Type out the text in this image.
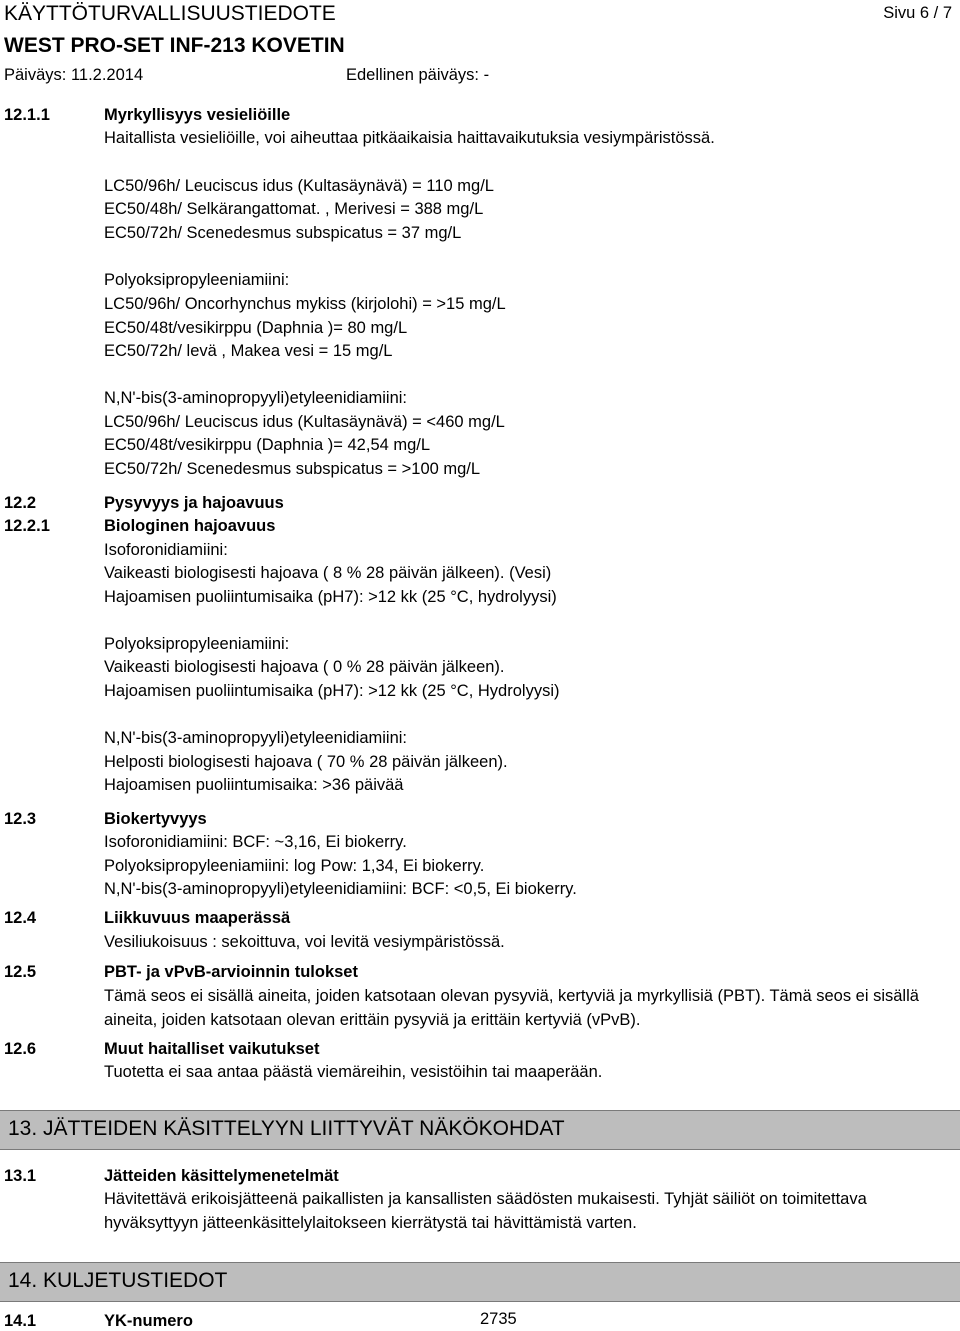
KÄYTTÖTURVALLISUUSTIEDOTE	Sivu 6 / 7
WEST PRO-SET INF-213 KOVETIN
Päiväys: 11.2.2014	Edellinen päiväys: -
12.1.1	Myrkyllisyys vesieliöille
Haitallista vesieliöille, voi aiheuttaa pitkäaikaisia haittavaikutuksia vesiympäristössä.
LC50/96h/ Leuciscus idus (Kultasäynävä) = 110 mg/L
EC50/48h/ Selkärangattomat. , Merivesi = 388 mg/L
EC50/72h/ Scenedesmus subspicatus = 37 mg/L
Polyoksipropyleeniamiini:
LC50/96h/ Oncorhynchus mykiss (kirjolohi) = >15 mg/L
EC50/48t/vesikirppu (Daphnia )= 80 mg/L
EC50/72h/ levä , Makea vesi = 15 mg/L
N,N'-bis(3-aminopropyyli)etyleenidiamiini:
LC50/96h/ Leuciscus idus (Kultasäynävä) = <460 mg/L
EC50/48t/vesikirppu (Daphnia )= 42,54 mg/L
EC50/72h/ Scenedesmus subspicatus = >100 mg/L
12.2	Pysyvyys ja hajoavuus
12.2.1	Biologinen hajoavuus
Isoforonidiamiini:
Vaikeasti biologisesti hajoava ( 8 % 28 päivän jälkeen). (Vesi)
Hajoamisen puoliintumisaika (pH7): >12 kk (25 °C, hydrolyysi)
Polyoksipropyleeniamiini:
Vaikeasti biologisesti hajoava ( 0 % 28 päivän jälkeen).
Hajoamisen puoliintumisaika (pH7): >12 kk (25 °C, Hydrolyysi)
N,N'-bis(3-aminopropyyli)etyleenidiamiini:
Helposti biologisesti hajoava ( 70 % 28 päivän jälkeen).
Hajoamisen puoliintumisaika: >36 päivää
12.3	Biokertyvyys
Isoforonidiamiini: BCF: ~3,16, Ei biokerry.
Polyoksipropyleeniamiini: log Pow: 1,34, Ei biokerry.
N,N'-bis(3-aminopropyyli)etyleenidiamiini: BCF: <0,5, Ei biokerry.
12.4	Liikkuvuus maaperässä
Vesiliukoisuus : sekoittuva, voi levitä vesiympäristössä.
12.5	PBT- ja vPvB-arvioinnin tulokset
Tämä seos ei sisällä aineita, joiden katsotaan olevan pysyviä, kertyviä ja myrkyllisiä (PBT). Tämä seos ei sisällä aineita, joiden katsotaan olevan erittäin pysyviä ja erittäin kertyviä (vPvB).
12.6	Muut haitalliset vaikutukset
Tuotetta ei saa antaa päästä viemäreihin, vesistöihin tai maaperään.
13. JÄTTEIDEN KÄSITTELYYN LIITTYVÄT NÄKÖKOHDAT
13.1	Jätteiden käsittelymenetelmät
Hävitettävä erikoisjätteenä paikallisten ja kansallisten säädösten mukaisesti. Tyhjät säiliöt on toimitettava hyväksyttyyn jätteenkäsittelylaitokseen kierrätystä tai hävittämistä varten.
14. KULJETUSTIEDOT
14.1	YK-numero	2735
